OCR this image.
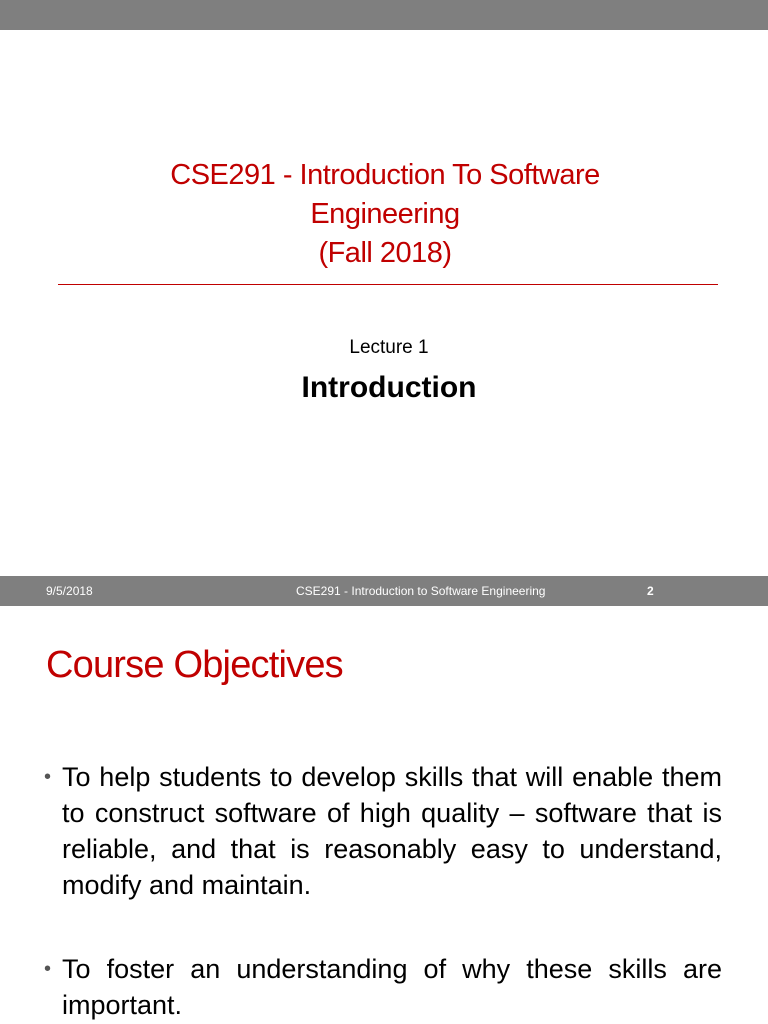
CSE291 - Introduction To Software
Engineering
(Fall 2018)
Lecture 1
Introduction
9/5/2018	CSE291 - Introduction to Software Engineering	2
Course Objectives
• To help students to develop skills that will enable them to construct software of high quality – software that is reliable, and that is reasonably easy to understand, modify and maintain.
• To foster an understanding of why these skills are important.
